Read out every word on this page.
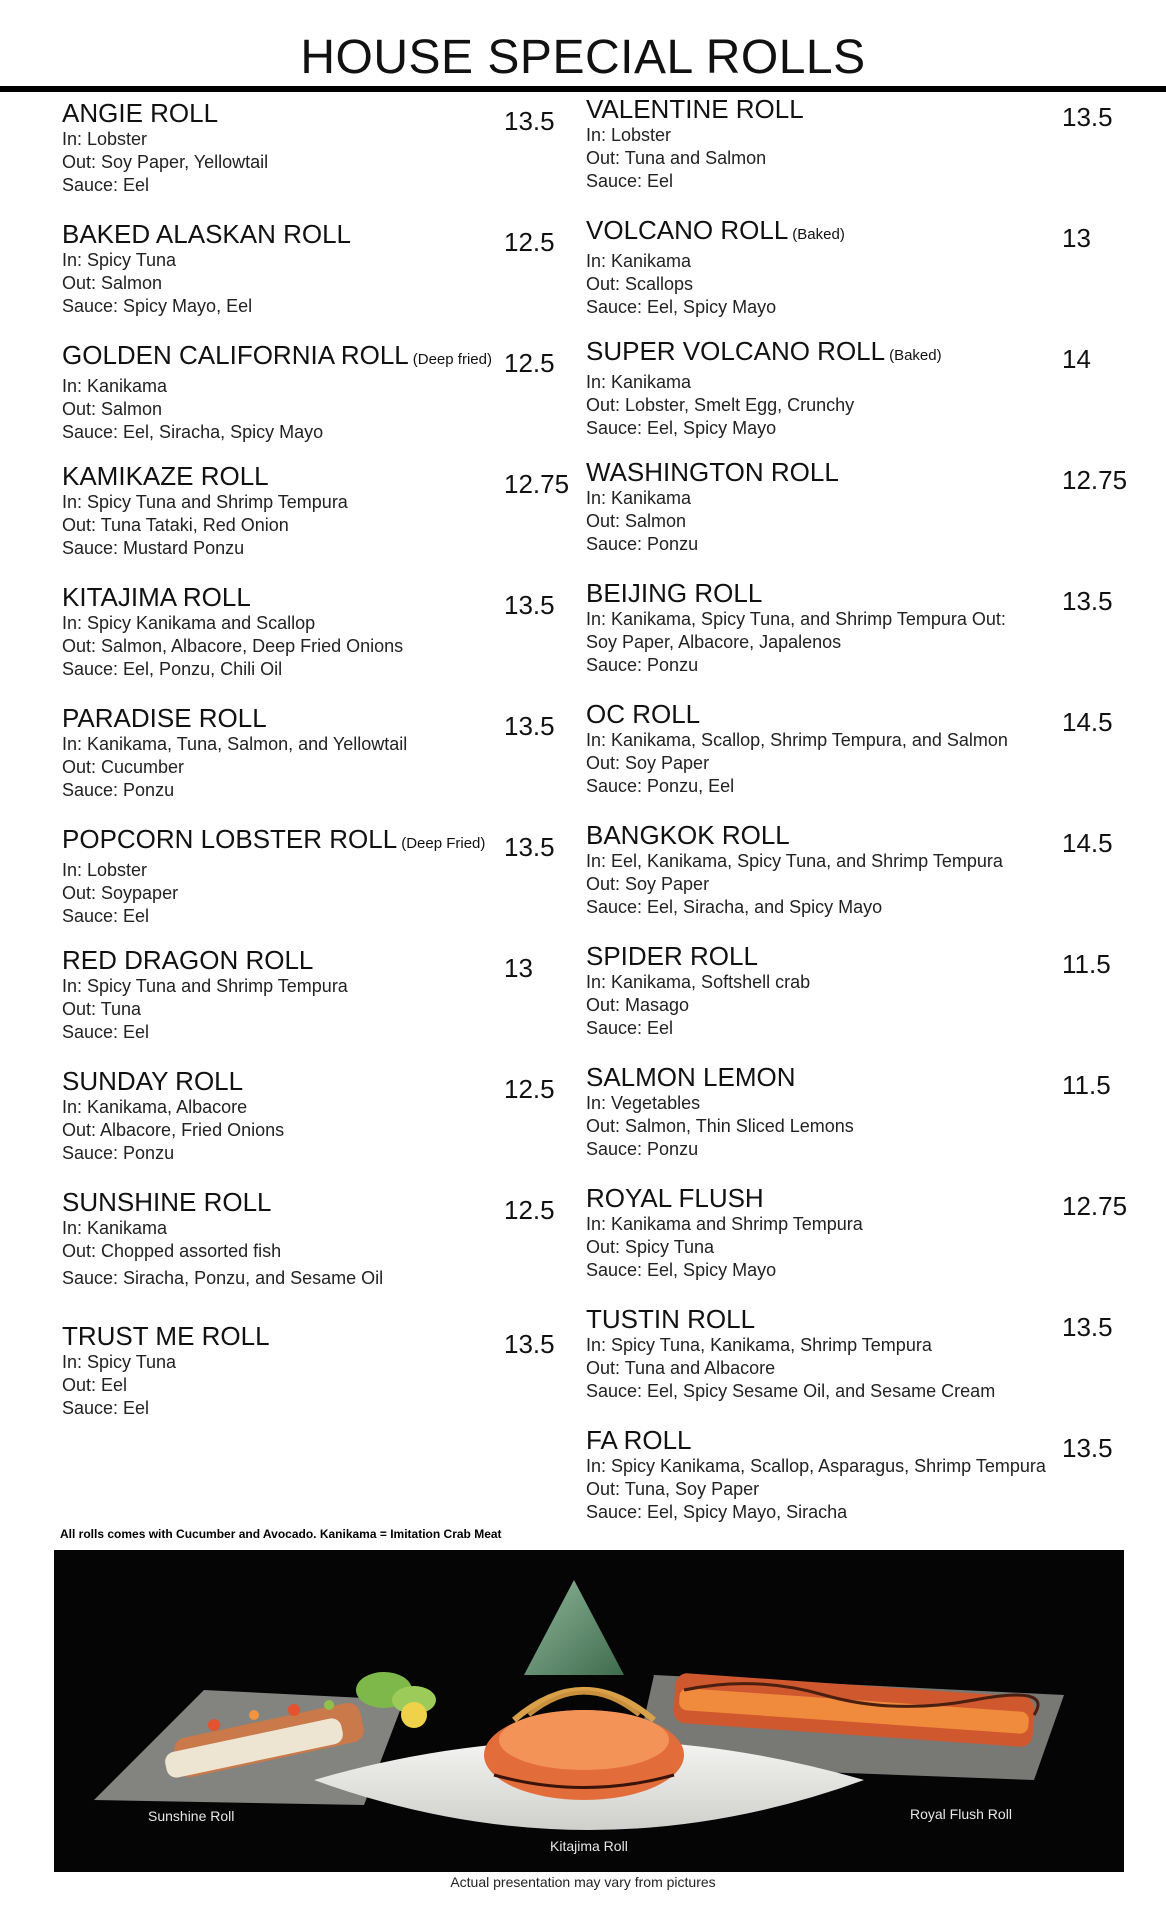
HOUSE SPECIAL ROLLS
ANGIE ROLL	13.5
In: Lobster
Out: Soy Paper, Yellowtail
Sauce: Eel
BAKED ALASKAN ROLL	12.5
In: Spicy Tuna
Out: Salmon
Sauce: Spicy Mayo, Eel
GOLDEN CALIFORNIA ROLL (Deep fried) 12.5
In: Kanikama
Out: Salmon
Sauce: Eel, Siracha, Spicy Mayo
KAMIKAZE ROLL	12.75
In: Spicy Tuna and Shrimp Tempura
Out: Tuna Tataki, Red Onion
Sauce: Mustard Ponzu
KITAJIMA ROLL	13.5
In: Spicy Kanikama and Scallop
Out: Salmon, Albacore, Deep Fried Onions
Sauce: Eel, Ponzu, Chili Oil
PARADISE ROLL	13.5
In: Kanikama, Tuna, Salmon, and Yellowtail
Out: Cucumber
Sauce: Ponzu
POPCORN LOBSTER ROLL (Deep Fried) 13.5
In: Lobster
Out: Soypaper
Sauce: Eel
RED DRAGON ROLL	13
In: Spicy Tuna and Shrimp Tempura
Out: Tuna
Sauce: Eel
SUNDAY ROLL	12.5
In: Kanikama, Albacore
Out: Albacore, Fried Onions
Sauce: Ponzu
SUNSHINE ROLL	12.5
In: Kanikama
Out: Chopped assorted fish
Sauce: Siracha, Ponzu, and Sesame Oil
TRUST ME ROLL	13.5
In: Spicy Tuna
Out: Eel
Sauce: Eel
VALENTINE ROLL	13.5
In: Lobster
Out: Tuna and Salmon
Sauce: Eel
VOLCANO ROLL (Baked)	13
In: Kanikama
Out: Scallops
Sauce: Eel, Spicy Mayo
SUPER VOLCANO ROLL (Baked)	14
In: Kanikama
Out: Lobster, Smelt Egg, Crunchy
Sauce: Eel, Spicy Mayo
WASHINGTON ROLL	12.75
In: Kanikama
Out: Salmon
Sauce: Ponzu
BEIJING ROLL	13.5
In: Kanikama, Spicy Tuna, and Shrimp Tempura Out: Soy Paper, Albacore, Japalenos
Sauce: Ponzu
OC ROLL	14.5
In: Kanikama, Scallop, Shrimp Tempura, and Salmon
Out: Soy Paper
Sauce: Ponzu, Eel
BANGKOK ROLL	14.5
In: Eel, Kanikama, Spicy Tuna, and Shrimp Tempura
Out: Soy Paper
Sauce: Eel, Siracha, and Spicy Mayo
SPIDER ROLL	11.5
In: Kanikama, Softshell crab
Out: Masago
Sauce: Eel
SALMON LEMON	11.5
In: Vegetables
Out: Salmon, Thin Sliced Lemons
Sauce: Ponzu
ROYAL FLUSH	12.75
In: Kanikama and Shrimp Tempura
Out: Spicy Tuna
Sauce: Eel, Spicy Mayo
TUSTIN ROLL	13.5
In: Spicy Tuna, Kanikama, Shrimp Tempura
Out: Tuna and Albacore
Sauce: Eel, Spicy Sesame Oil, and Sesame Cream
FA ROLL	13.5
In: Spicy Kanikama, Scallop, Asparagus, Shrimp Tempura
Out: Tuna, Soy Paper
Sauce: Eel, Spicy Mayo, Siracha
All rolls comes with Cucumber and Avocado. Kanikama = Imitation Crab Meat
Sunshine Roll	Royal Flush Roll
Kitajima Roll
Actual presentation may vary from pictures
